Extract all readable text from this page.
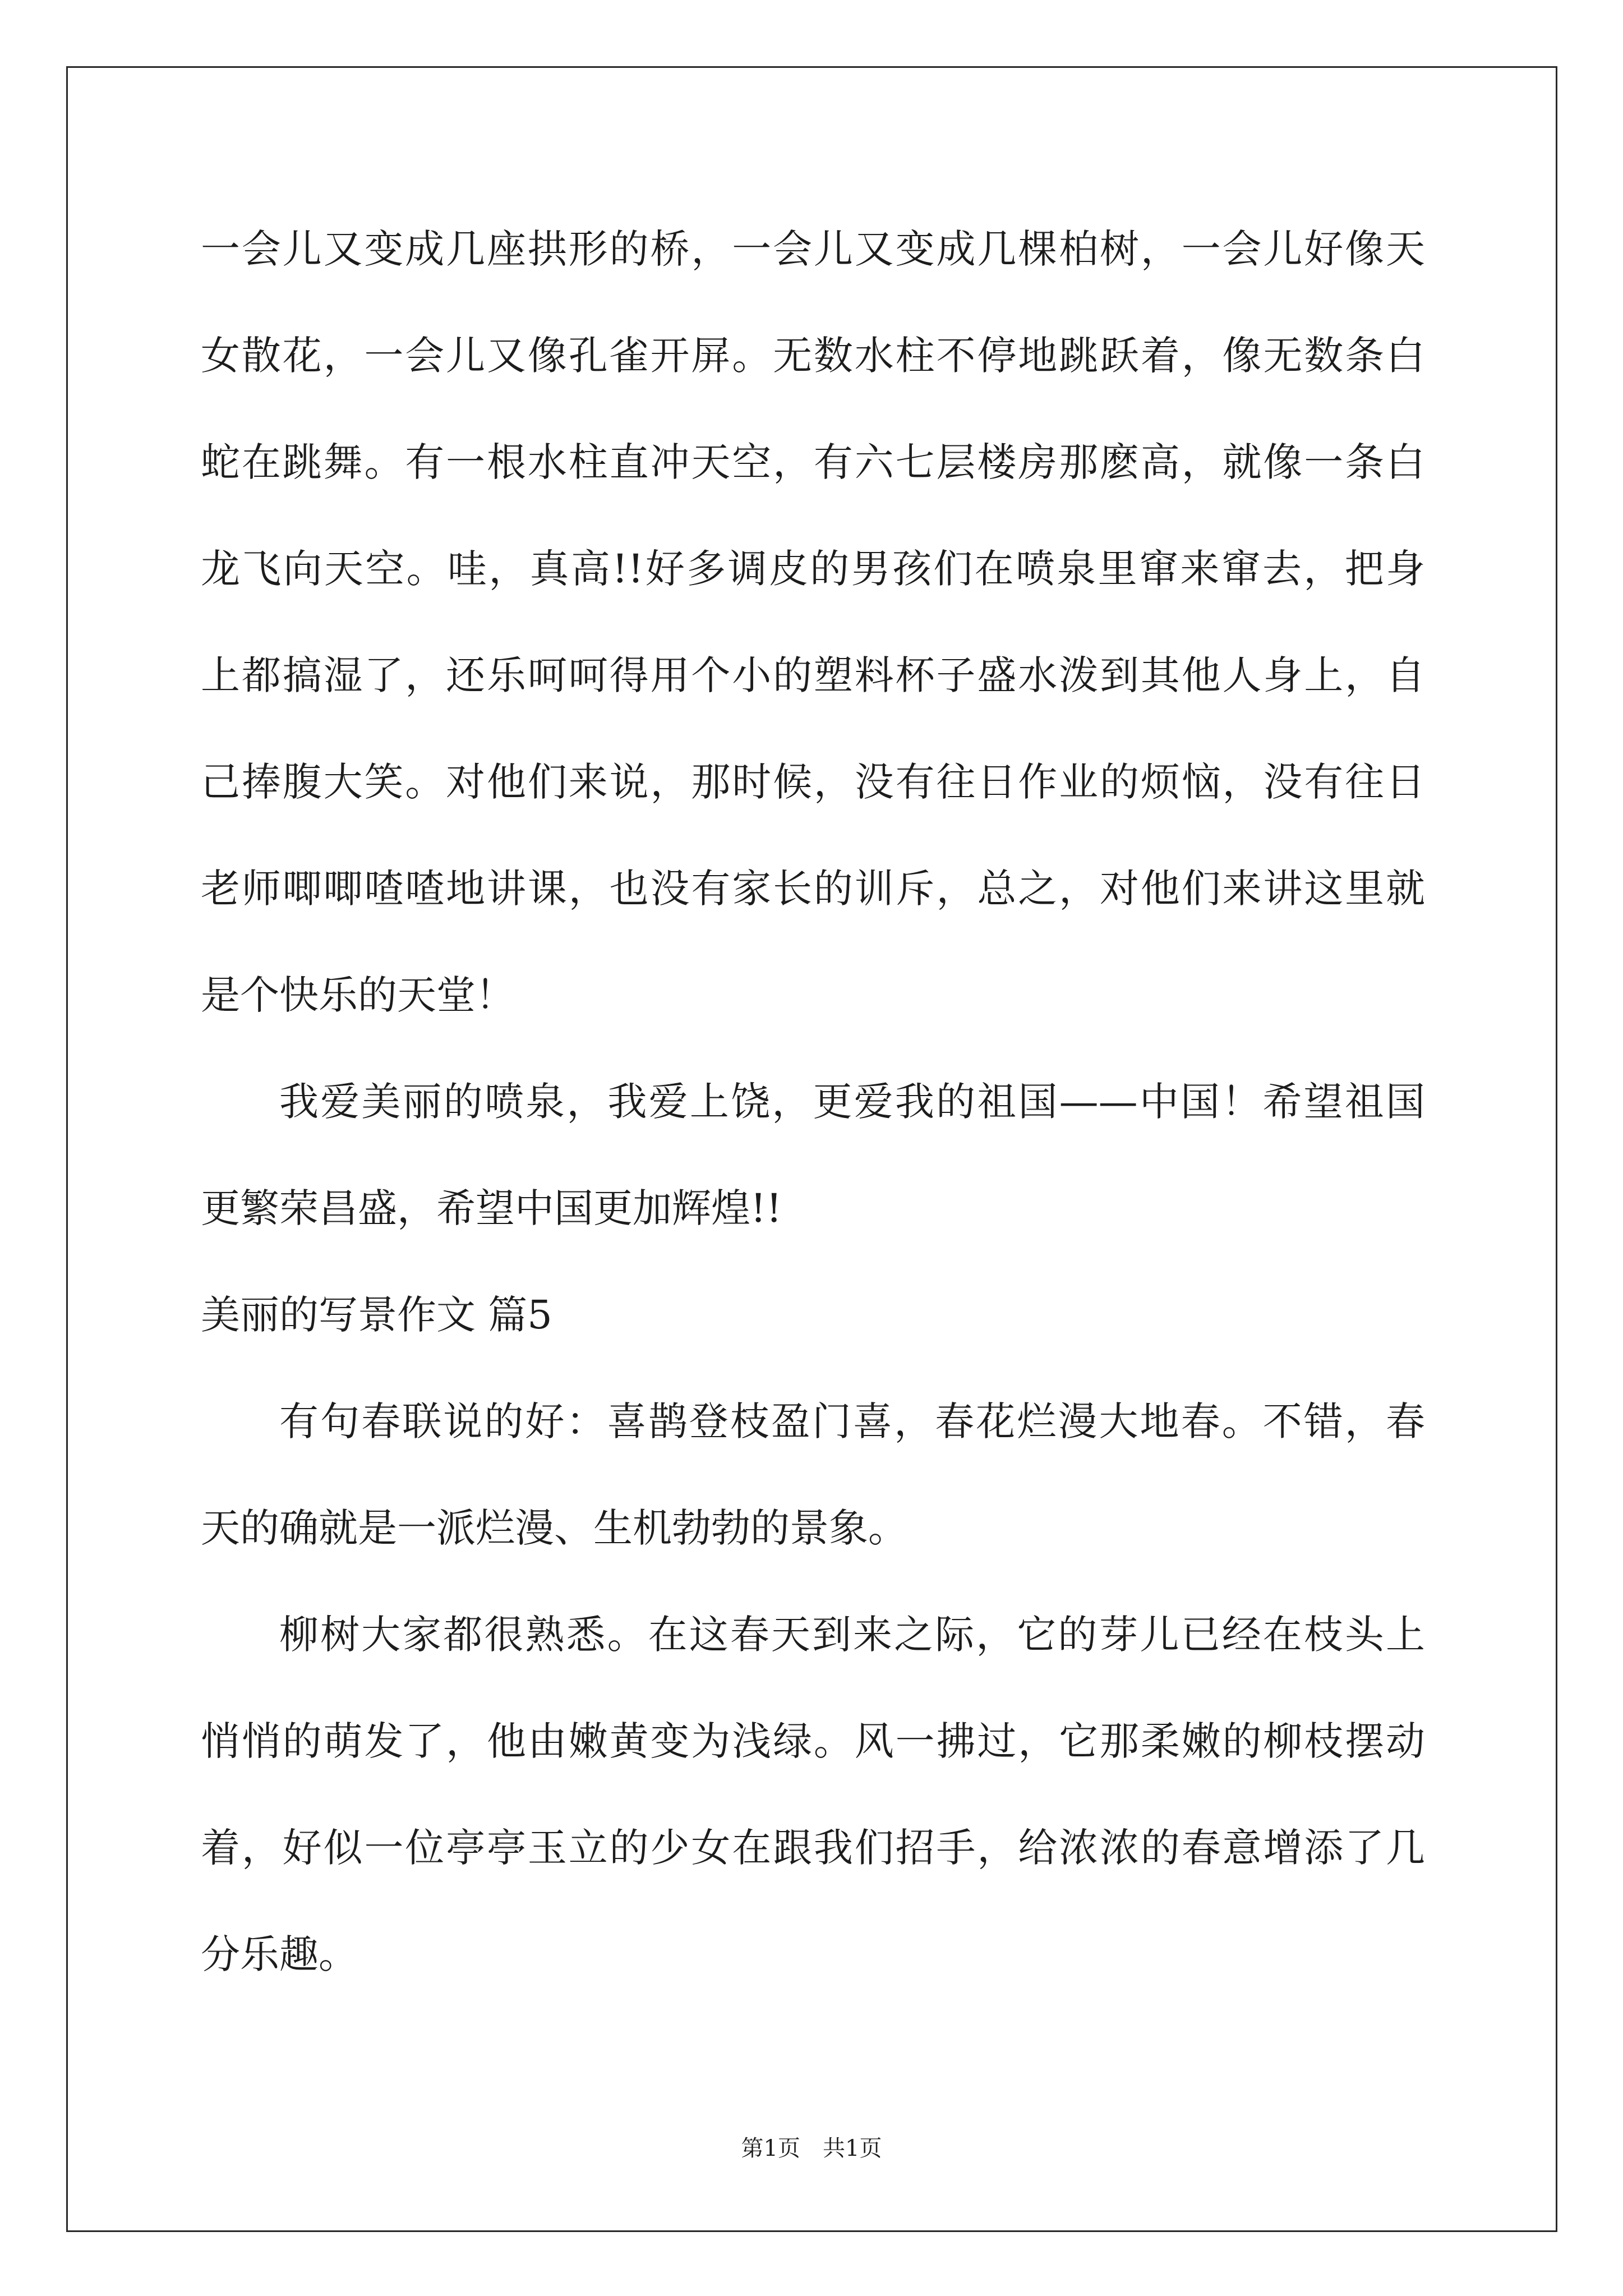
一会儿又变成几座拱形的桥，一会儿又变成几棵柏树，一会儿好像天
女散花，一会儿又像孔雀开屏。无数水柱不停地跳跃着，像无数条白
蛇在跳舞。有一根水柱直冲天空，有六七层楼房那麽高，就像一条白
龙飞向天空。哇，真高!!好多调皮的男孩们在喷泉里窜来窜去，把身
上都搞湿了，还乐呵呵得用个小的塑料杯子盛水泼到其他人身上，自
己捧腹大笑。对他们来说，那时候，没有往日作业的烦恼，没有往日
老师唧唧喳喳地讲课，也没有家长的训斥，总之，对他们来讲这里就
是个快乐的天堂！
我爱美丽的喷泉，我爱上饶，更爱我的祖国——中国！希望祖国
更繁荣昌盛，希望中国更加辉煌!!
美丽的写景作文 篇5
有句春联说的好：喜鹊登枝盈门喜，春花烂漫大地春。不错，春
天的确就是一派烂漫、生机勃勃的景象。
柳树大家都很熟悉。在这春天到来之际，它的芽儿已经在枝头上
悄悄的萌发了，他由嫩黄变为浅绿。风一拂过，它那柔嫩的柳枝摆动
着，好似一位亭亭玉立的少女在跟我们招手，给浓浓的春意增添了几
分乐趣。
第1页　共1页
